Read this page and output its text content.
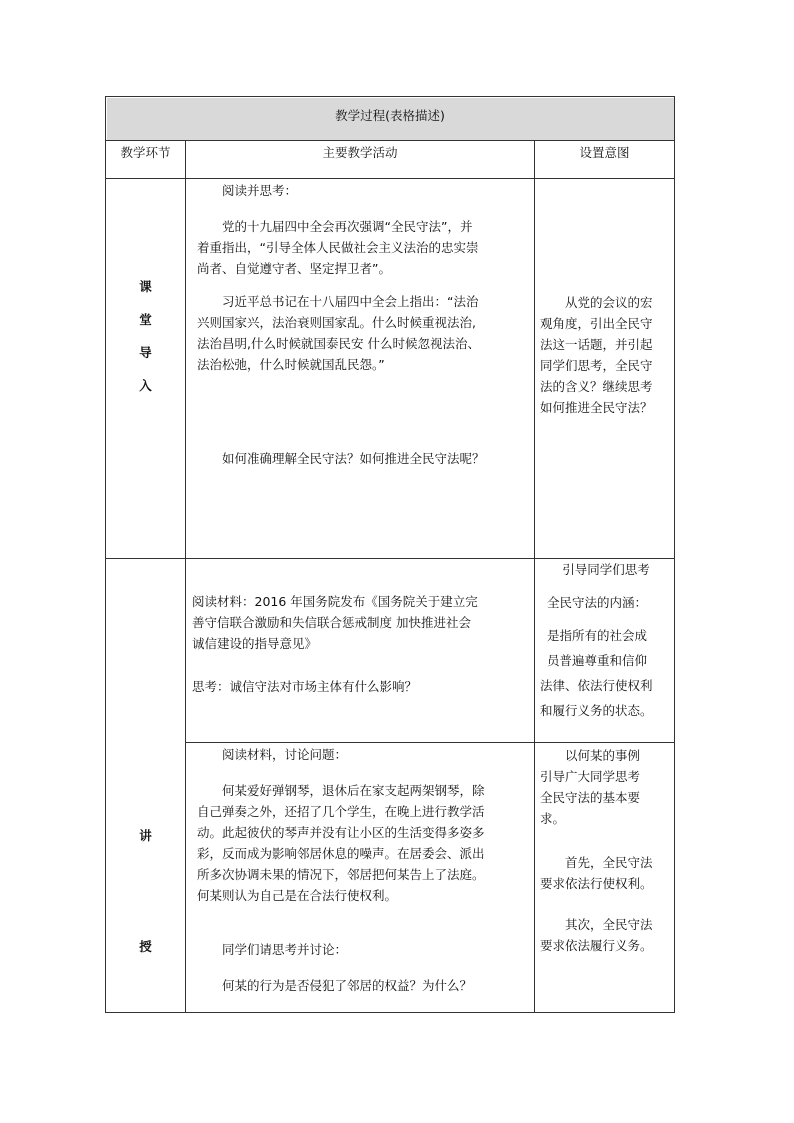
教学过程(表格描述)
教学环节	主要教学活动	设置意图
课
堂
导
入
阅读并思考：
党的十九届四中全会再次强调“全民守法”，并
着重指出，“引导全体人民做社会主义法治的忠实崇
尚者、自觉遵守者、坚定捍卫者”。
习近平总书记在十八届四中全会上指出：“法治
兴则国家兴，法治衰则国家乱。什么时候重视法治,
法治昌明,什么时候就国泰民安 什么时候忽视法治、
法治松弛，什么时候就国乱民怨。”
如何准确理解全民守法？如何推进全民守法呢？
从党的会议的宏
观角度，引出全民守
法这一话题，并引起
同学们思考，全民守
法的含义？继续思考
如何推进全民守法？
讲
授
阅读材料：2016 年国务院发布《国务院关于建立完
善守信联合激励和失信联合惩戒制度 加快推进社会
诚信建设的指导意见》
思考：诚信守法对市场主体有什么影响？
引导同学们思考
全民守法的内涵：
是指所有的社会成
员普遍尊重和信仰
法律、依法行使权利
和履行义务的状态。
阅读材料，讨论问题：
何某爱好弹钢琴，退休后在家支起两架钢琴，除
自己弹奏之外，还招了几个学生，在晚上进行教学活
动。此起彼伏的琴声并没有让小区的生活变得多姿多
彩，反而成为影响邻居休息的噪声。在居委会、派出
所多次协调未果的情况下，邻居把何某告上了法庭。
何某则认为自己是在合法行使权利。
同学们请思考并讨论：
何某的行为是否侵犯了邻居的权益？为什么？
以何某的事例
引导广大同学思考
全民守法的基本要
求。
首先，全民守法
要求依法行使权利。
其次，全民守法
要求依法履行义务。
